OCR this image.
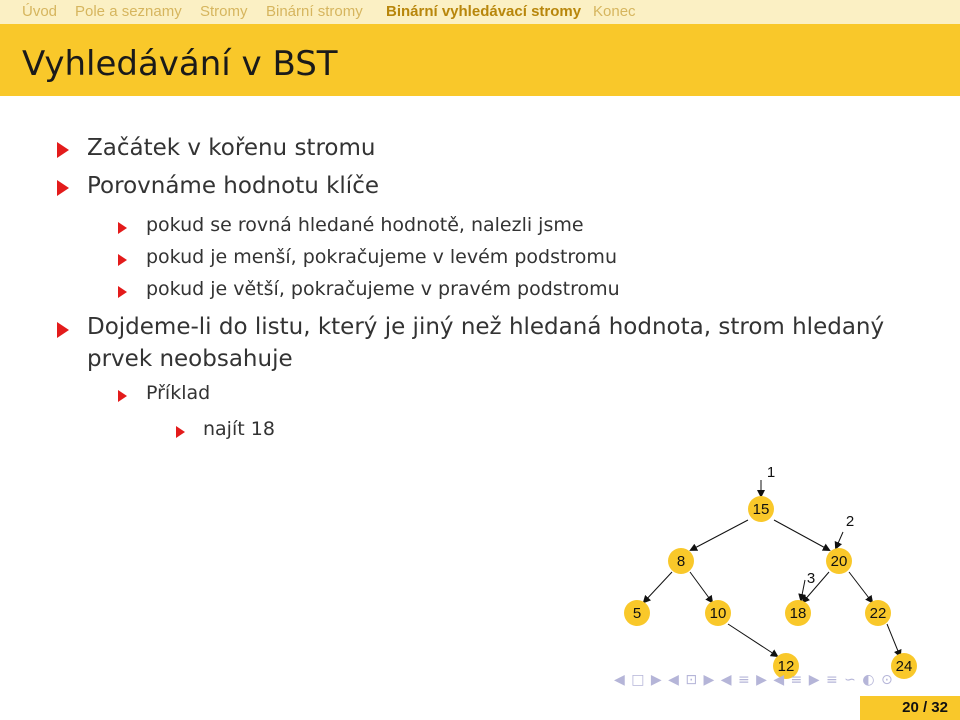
Úvod Pole a seznamy Stromy Binární stromy Binární vyhledávací stromy Konec
Vyhledávání v BST
Začátek v kořenu stromu
Porovnáme hodnotu klíče
pokud se rovná hledané hodnotě, nalezli jsme
pokud je menší, pokračujeme v levém podstromu
pokud je větší, pokračujeme v pravém podstromu
Dojdeme-li do listu, který je jiný než hledaná hodnota, strom hledaný
prvek neobsahuje
Příklad
najít 18
15
8	20
5	10	18	22
12	24
1
2
3
◀ □ ▶ ◀ ⊡ ▶ ◀ ≡ ▶ ◀ ≡ ▶ ≡ ∽ ◐ ⊙
20 / 32
